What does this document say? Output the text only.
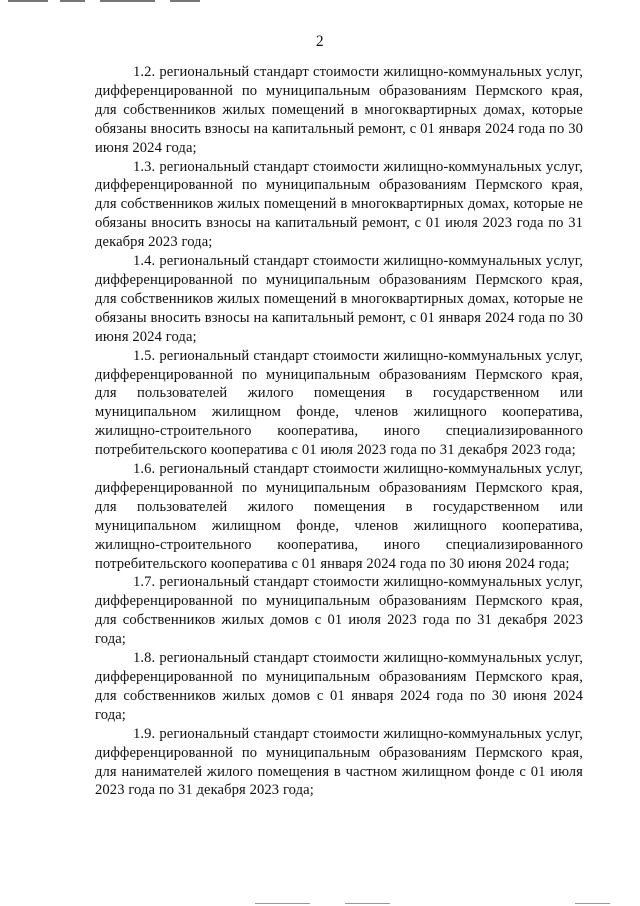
2

1.2. региональный стандарт стоимости жилищно-коммунальных услуг, дифференцированной по муниципальным образованиям Пермского края, для собственников жилых помещений в многоквартирных домах, которые обязаны вносить взносы на капитальный ремонт, с 01 января 2024 года по 30 июня 2024 года;

1.3. региональный стандарт стоимости жилищно-коммунальных услуг, дифференцированной по муниципальным образованиям Пермского края, для собственников жилых помещений в многоквартирных домах, которые не обязаны вносить взносы на капитальный ремонт, с 01 июля 2023 года по 31 декабря 2023 года;

1.4. региональный стандарт стоимости жилищно-коммунальных услуг, дифференцированной по муниципальным образованиям Пермского края, для собственников жилых помещений в многоквартирных домах, которые не обязаны вносить взносы на капитальный ремонт, с 01 января 2024 года по 30 июня 2024 года;

1.5. региональный стандарт стоимости жилищно-коммунальных услуг, дифференцированной по муниципальным образованиям Пермского края, для пользователей жилого помещения в государственном или муниципальном жилищном фонде, членов жилищного кооператива, жилищно-строительного кооператива, иного специализированного потребительского кооператива с 01 июля 2023 года по 31 декабря 2023 года;

1.6. региональный стандарт стоимости жилищно-коммунальных услуг, дифференцированной по муниципальным образованиям Пермского края, для пользователей жилого помещения в государственном или муниципальном жилищном фонде, членов жилищного кооператива, жилищно-строительного кооператива, иного специализированного потребительского кооператива с 01 января 2024 года по 30 июня 2024 года;

1.7. региональный стандарт стоимости жилищно-коммунальных услуг, дифференцированной по муниципальным образованиям Пермского края, для собственников жилых домов с 01 июля 2023 года по 31 декабря 2023 года;

1.8. региональный стандарт стоимости жилищно-коммунальных услуг, дифференцированной по муниципальным образованиям Пермского края, для собственников жилых домов с 01 января 2024 года по 30 июня 2024 года;

1.9. региональный стандарт стоимости жилищно-коммунальных услуг, дифференцированной по муниципальным образованиям Пермского края, для нанимателей жилого помещения в частном жилищном фонде с 01 июля 2023 года по 31 декабря 2023 года;
